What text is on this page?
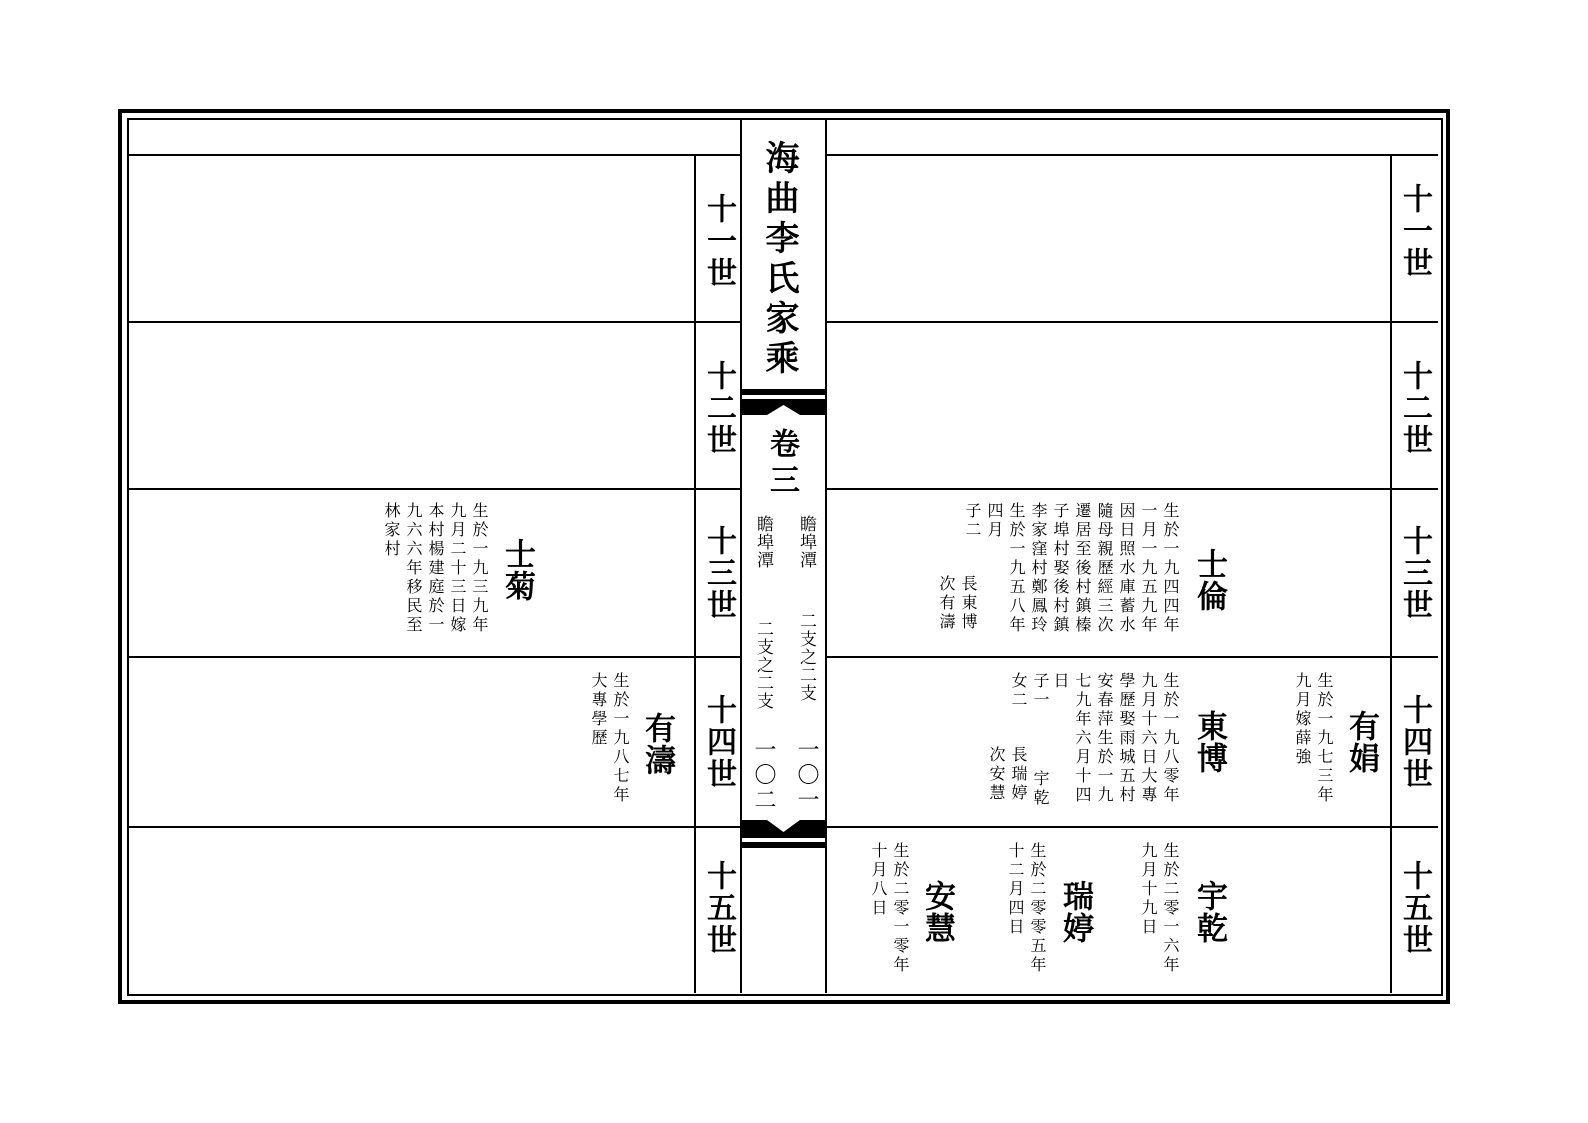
海曲李氏家乘
卷三
瞻埠潭
二支之二支
一〇一
瞻埠潭
二支之二支
一〇二
十一世
十二世
十三世
十四世
十五世
十一世
十二世
十三世
十四世
十五世
士倫
生於一九四四年
一月一九五九年
因日照水庫蓄水
隨母親歷經三次
遷居至後村鎮榛
子埠村娶後村鎮
李家窪村鄭鳳玲
生於一九五八年
四月
子二
長東博
次有濤
東博
生於一九八零年
九月十六日大專
學歷娶雨城五村
安春萍生於一九
七九年六月十四
日
子一
女二
宇乾
長瑞婷
次安慧
有娟
生於一九七三年
九月嫁薛強
宇乾
生於二零一六年
九月十九日
瑞婷
生於二零零五年
十二月四日
安慧
生於二零一零年
十月八日
士菊
生於一九三九年
九月二十三日嫁
本村楊建庭於一
九六六年移民至
林家村
有濤
生於一九八七年
大專學歷
